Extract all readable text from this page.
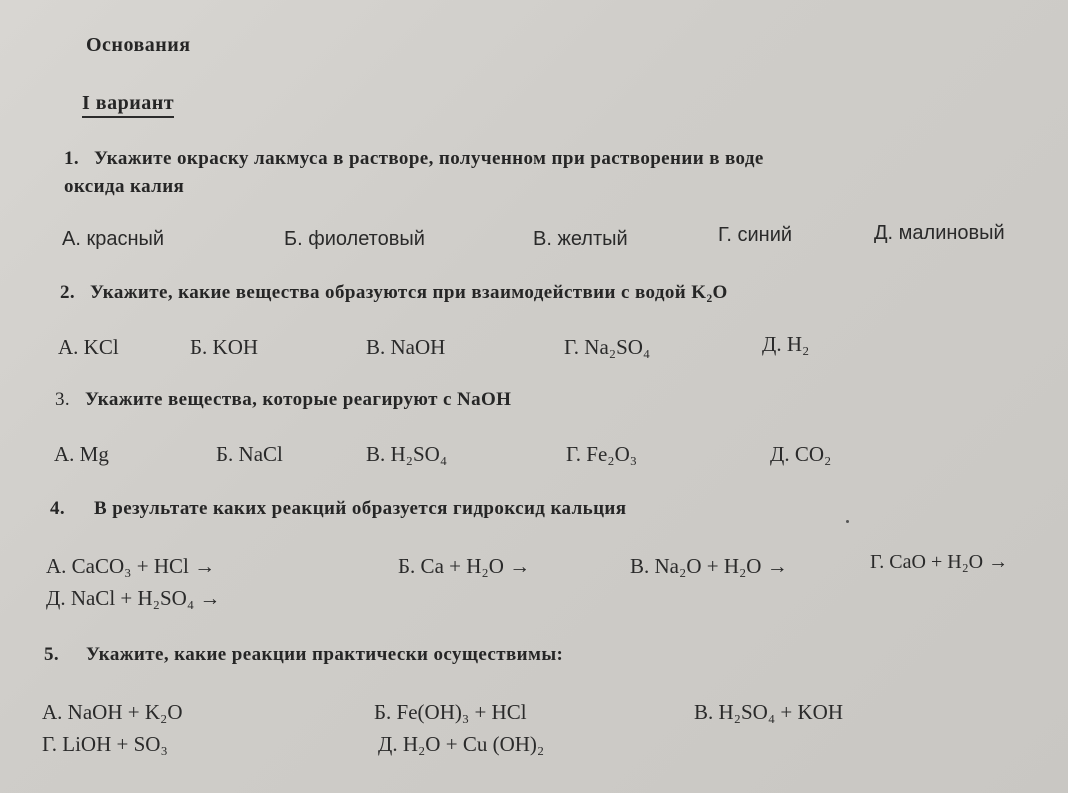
Основания
I вариант
1. Укажите окраску лакмуса в растворе, полученном при растворении в воде
оксида калия
А. красный	Б. фиолетовый	В. желтый	Г. синий	Д. малиновый
2. Укажите, какие вещества образуются при взаимодействии с водой K₂O
А. KCl	Б. KOH	В. NaOH	Г. Na₂SO₄	Д. H₂
3. Укажите вещества, которые реагируют с NaOH
А. Mg	Б. NaCl	В. H₂SO₄	Г. Fe₂O₃	Д. CO₂
4. В результате каких реакций образуется гидроксид кальция
А. CaCO₃ + HCl →	Б. Ca + H₂O →	В. Na₂O + H₂O →	Г. CaO + H₂O →
Д. NaCl + H₂SO₄ →
5. Укажите, какие реакции практически осуществимы:
А. NaOH + K₂O	Б. Fe(OH)₃ + HCl	В. H₂SO₄ + KOH
Г. LiOH + SO₃	Д. H₂O + Cu (OH)₂
